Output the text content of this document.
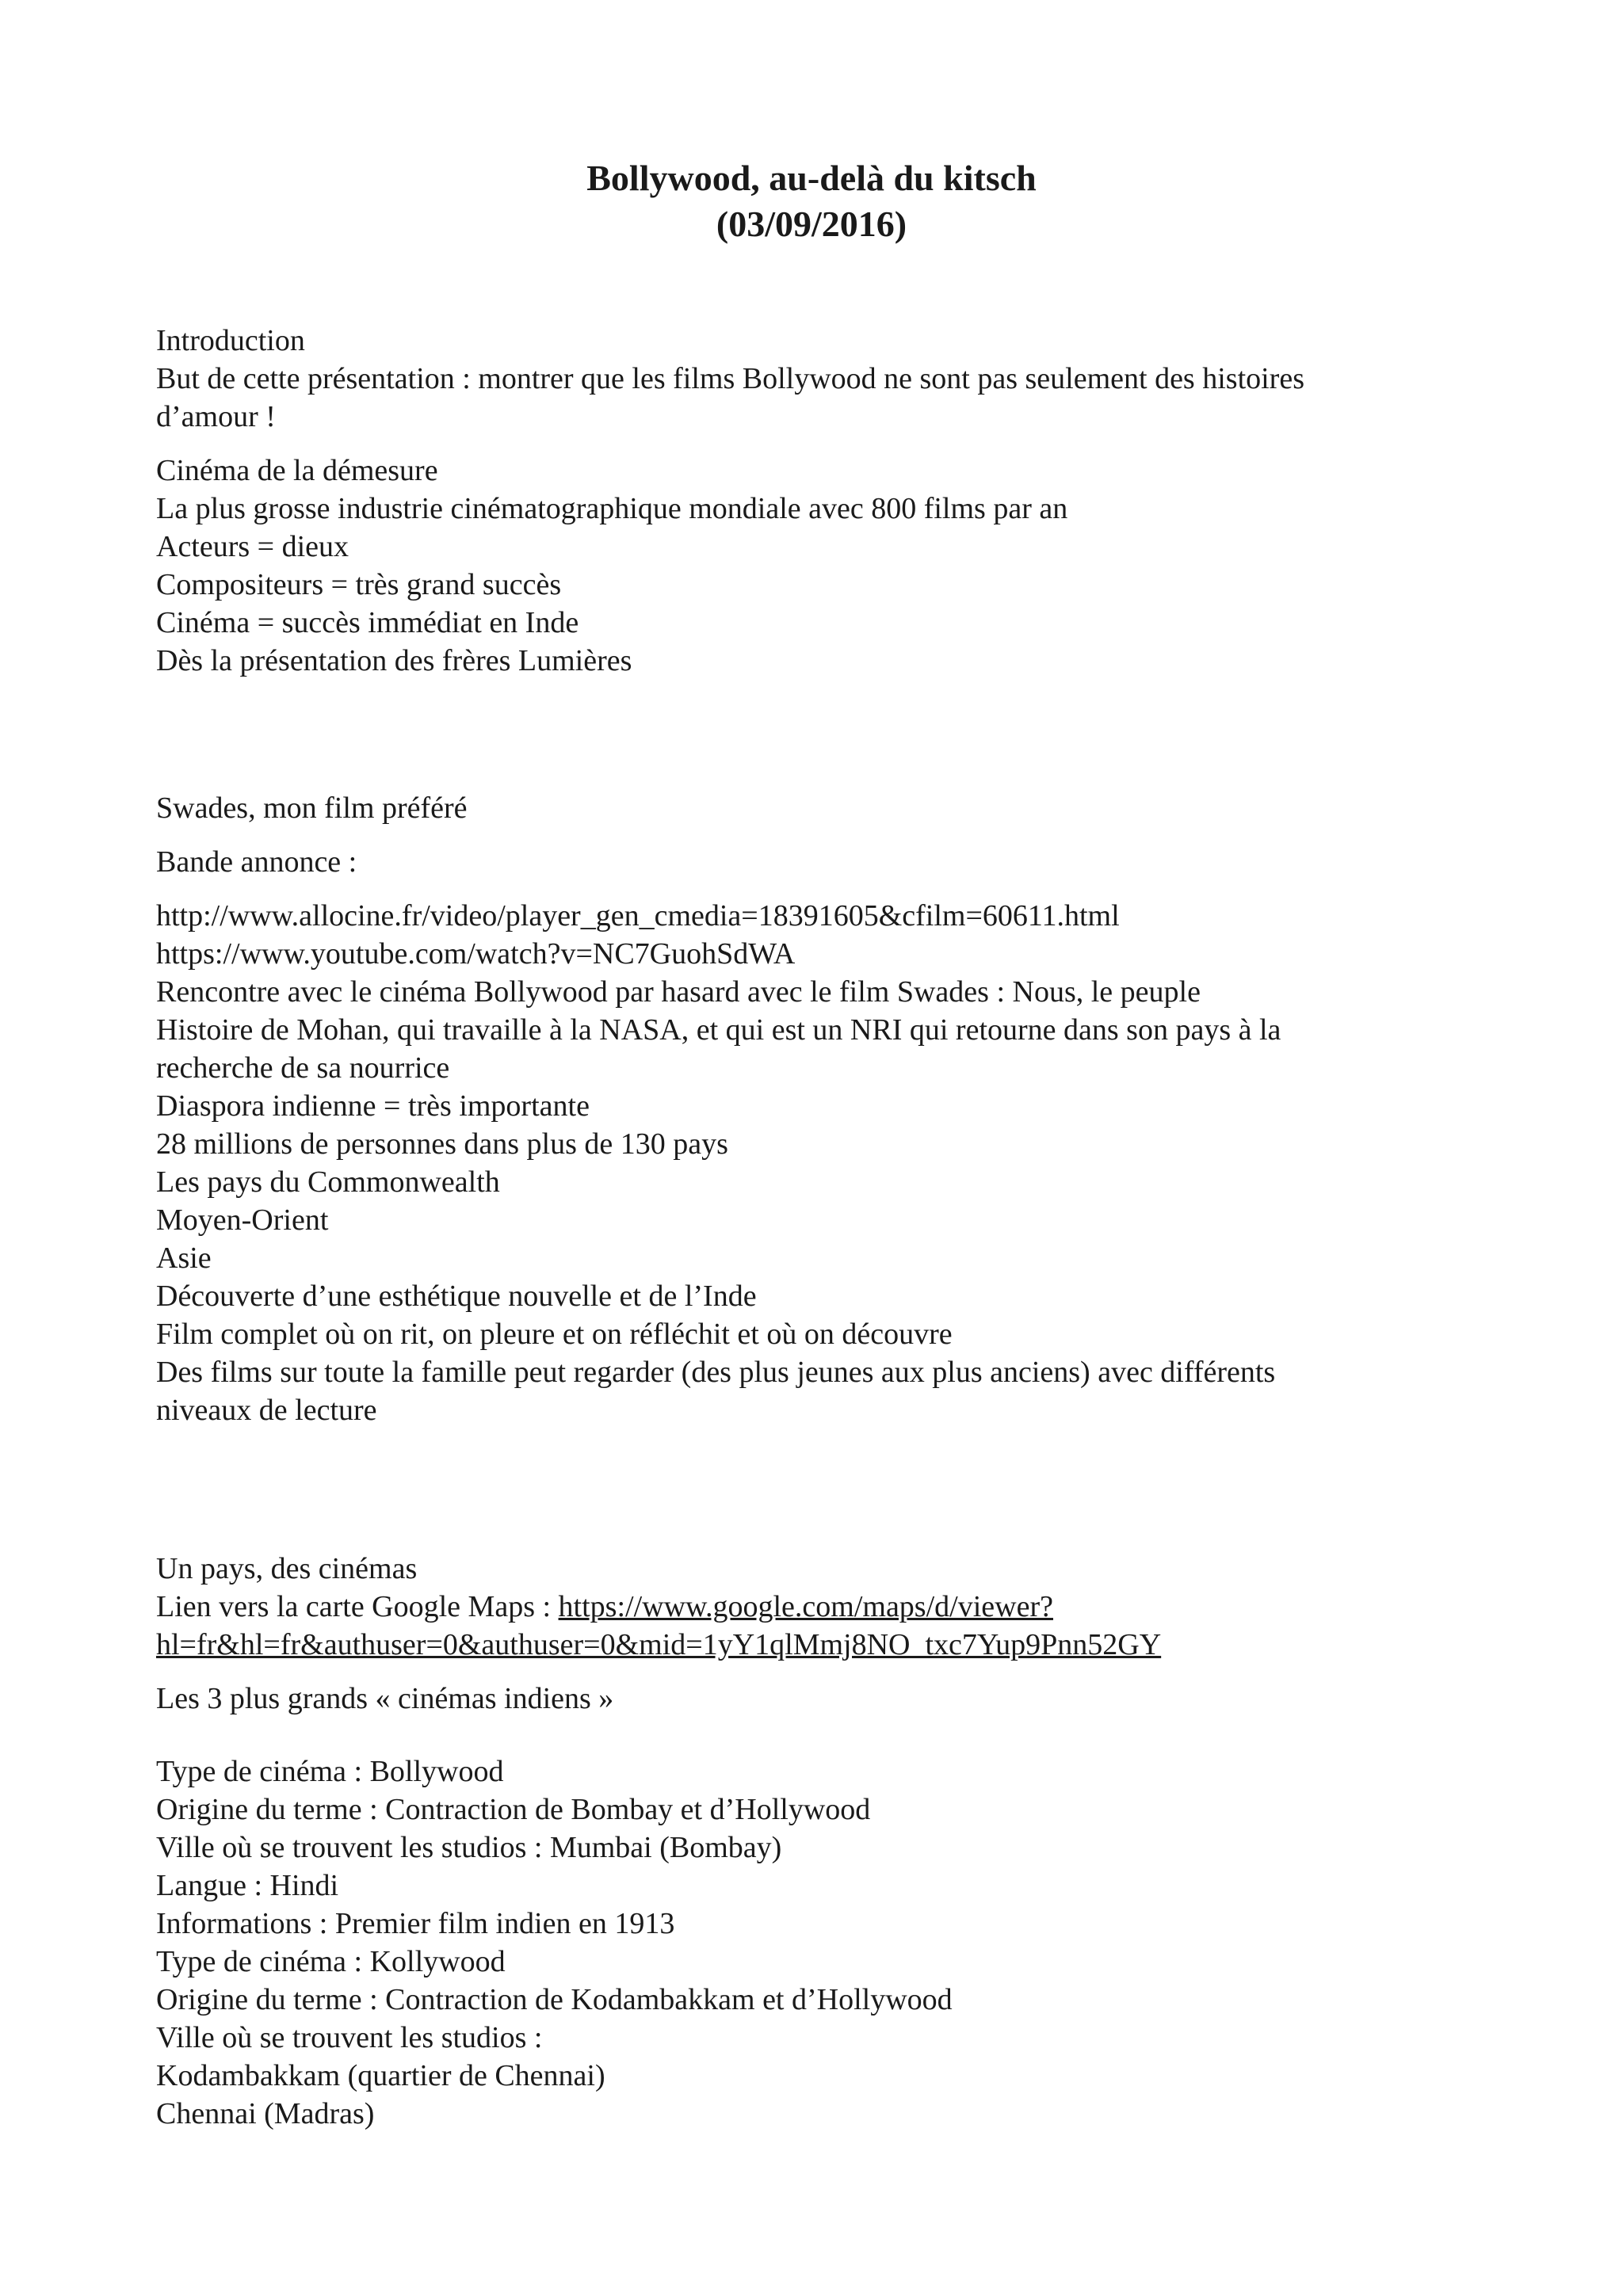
Bollywood, au-delà du kitsch
(03/09/2016)
Introduction
But de cette présentation : montrer que les films Bollywood ne sont pas seulement des histoires
d’amour !
Cinéma de la démesure
La plus grosse industrie cinématographique mondiale avec 800 films par an
Acteurs = dieux
Compositeurs = très grand succès
Cinéma = succès immédiat en Inde
Dès la présentation des frères Lumières
Swades, mon film préféré
Bande annonce :
http://www.allocine.fr/video/player_gen_cmedia=18391605&cfilm=60611.html
https://www.youtube.com/watch?v=NC7GuohSdWA
Rencontre avec le cinéma Bollywood par hasard avec le film Swades : Nous, le peuple
Histoire de Mohan, qui travaille à la NASA, et qui est un NRI qui retourne dans son pays à la
recherche de sa nourrice
Diaspora indienne = très importante
28 millions de personnes dans plus de 130 pays
Les pays du Commonwealth
Moyen-Orient
Asie
Découverte d’une esthétique nouvelle et de l’Inde
Film complet où on rit, on pleure et on réfléchit et où on découvre
Des films sur toute la famille peut regarder (des plus jeunes aux plus anciens) avec différents
niveaux de lecture
Un pays, des cinémas
Lien vers la carte Google Maps : https://www.google.com/maps/d/viewer?
hl=fr&hl=fr&authuser=0&authuser=0&mid=1yY1qlMmj8NO_txc7Yup9Pnn52GY
Les 3 plus grands « cinémas indiens »
Type de cinéma : Bollywood
Origine du terme : Contraction de Bombay et d’Hollywood
Ville où se trouvent les studios : Mumbai (Bombay)
Langue : Hindi
Informations : Premier film indien en 1913
Type de cinéma : Kollywood
Origine du terme : Contraction de Kodambakkam et d’Hollywood
Ville où se trouvent les studios :
Kodambakkam (quartier de Chennai)
Chennai (Madras)
